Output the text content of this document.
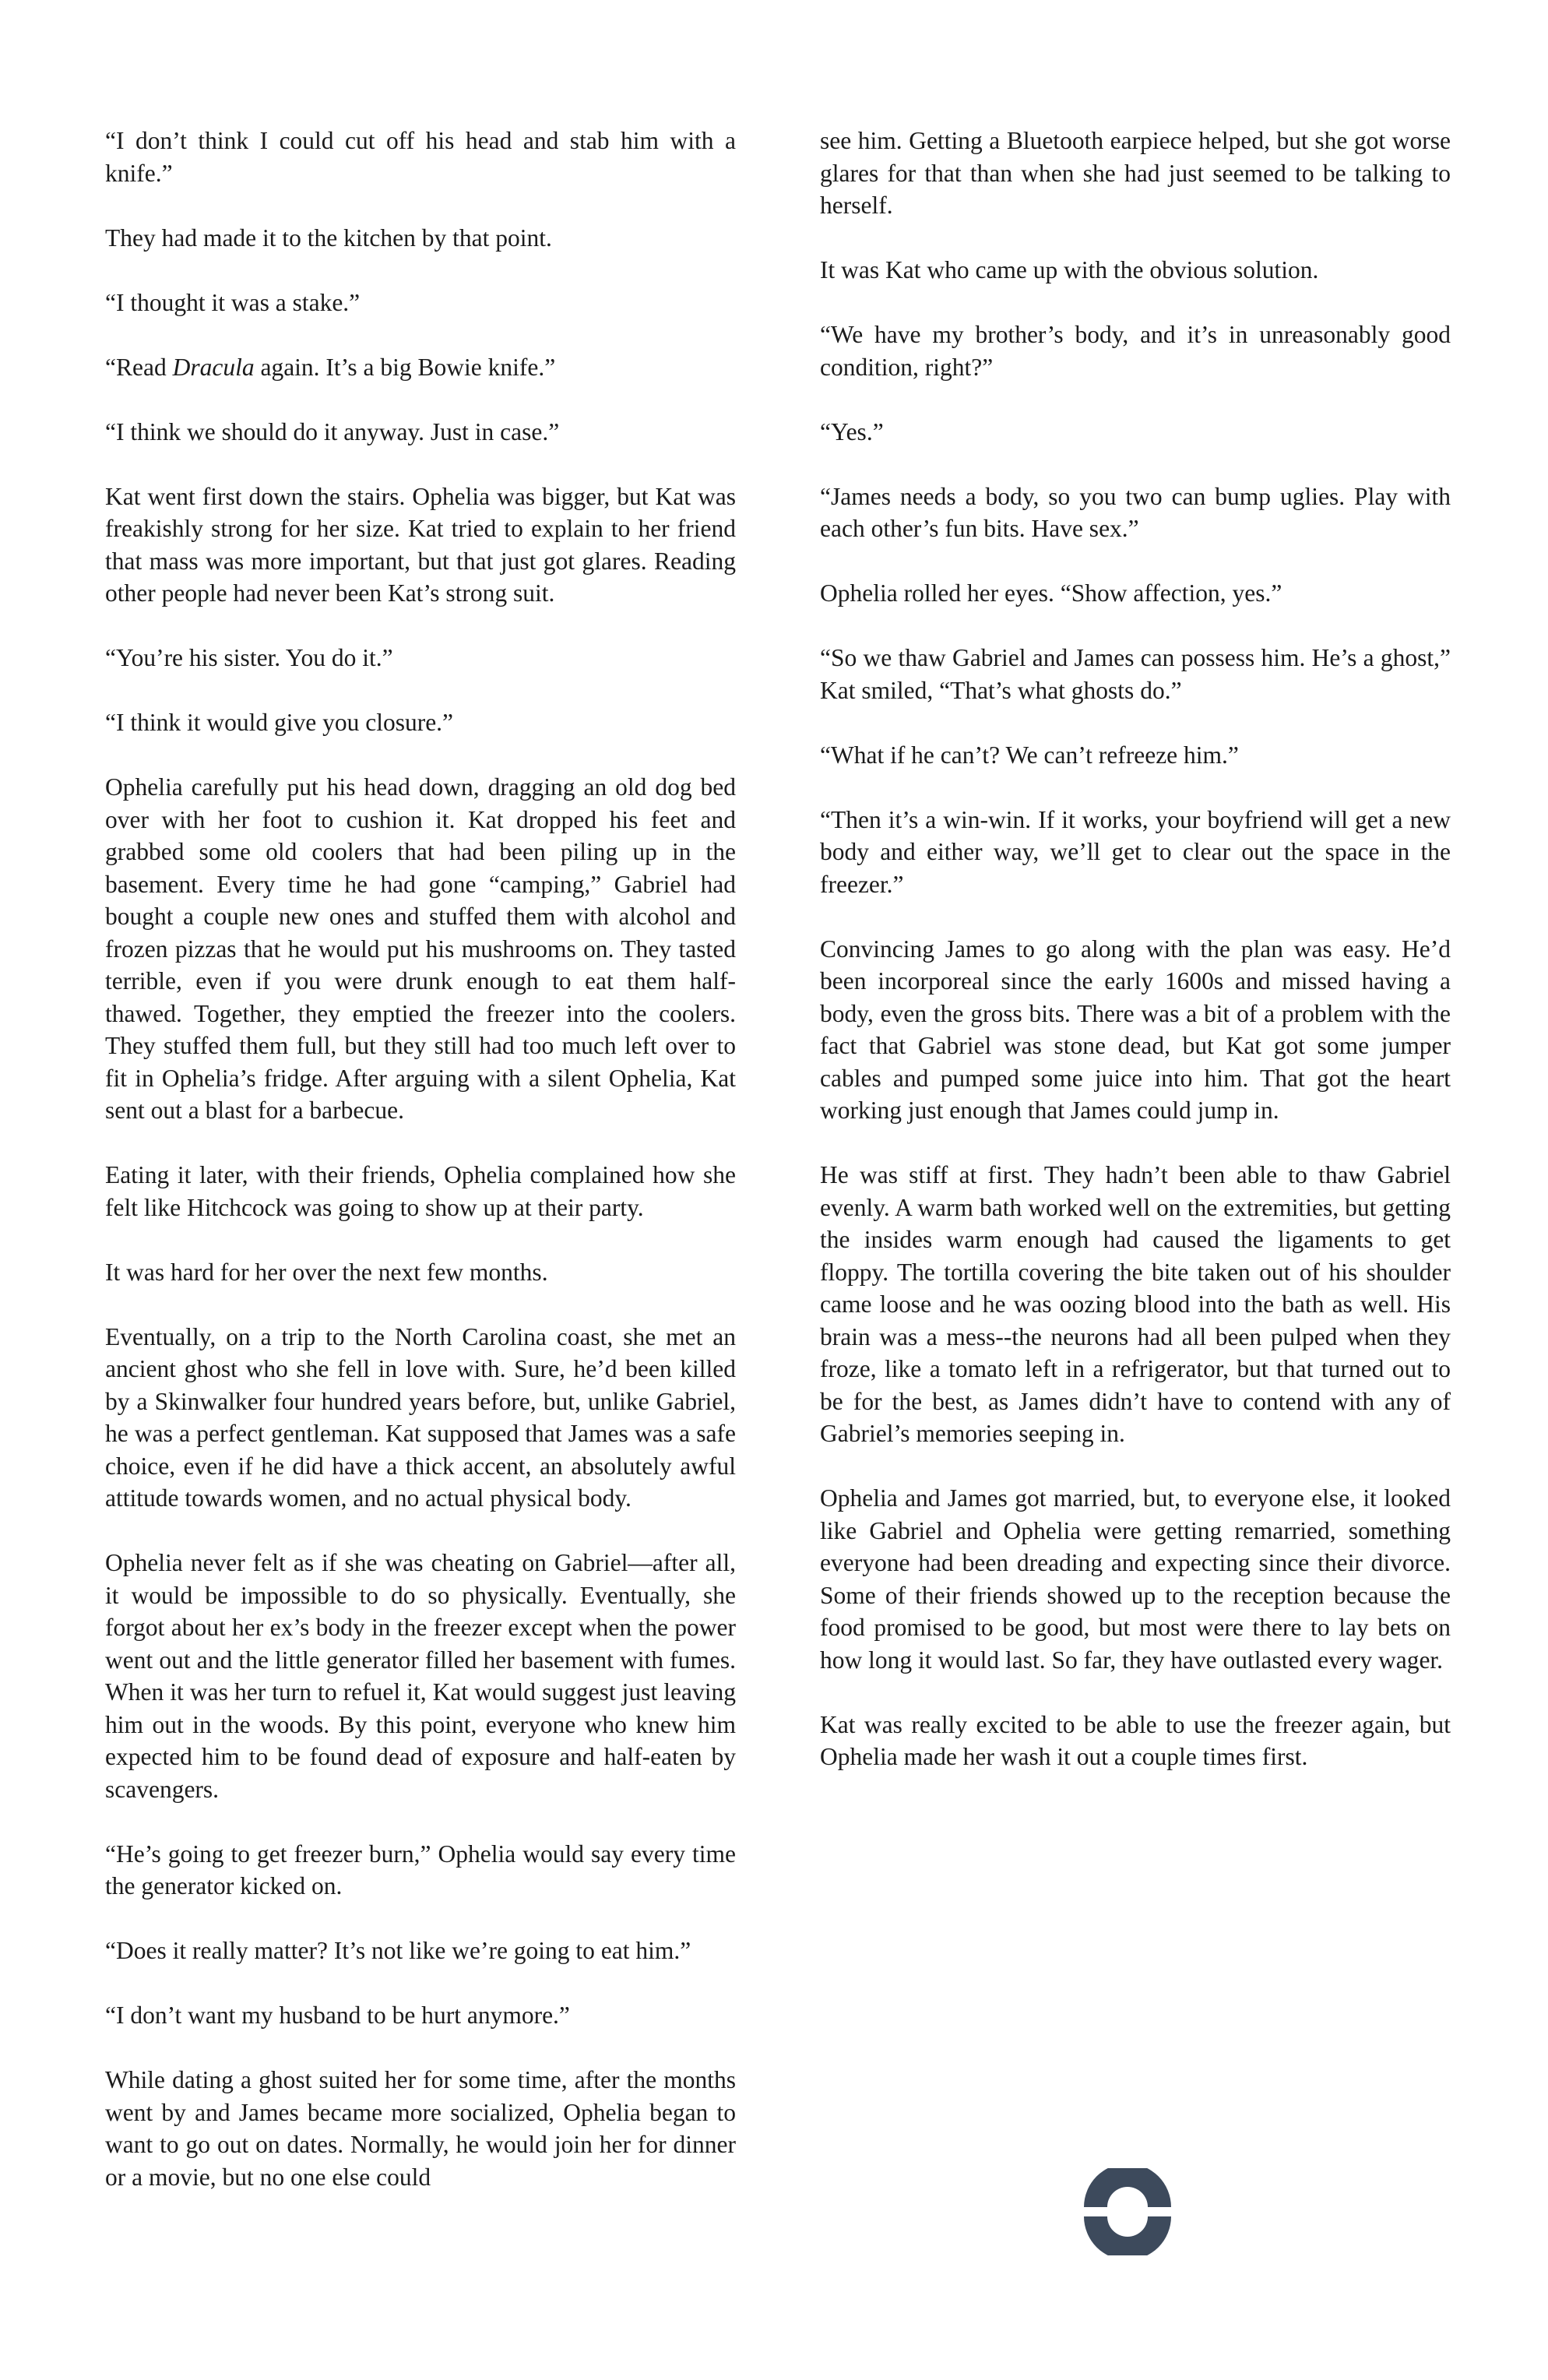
“I don’t think I could cut off his head and stab him with a knife.”

They had made it to the kitchen by that point.

“I thought it was a stake.”

“Read Dracula again. It’s a big Bowie knife.”

“I think we should do it anyway. Just in case.”

Kat went first down the stairs. Ophelia was bigger, but Kat was freakishly strong for her size. Kat tried to explain to her friend that mass was more important, but that just got glares. Reading other people had never been Kat’s strong suit.

“You’re his sister. You do it.”

“I think it would give you closure.”

Ophelia carefully put his head down, dragging an old dog bed over with her foot to cushion it. Kat dropped his feet and grabbed some old coolers that had been piling up in the basement. Every time he had gone “camping,” Gabriel had bought a couple new ones and stuffed them with alcohol and frozen pizzas that he would put his mushrooms on. They tasted terrible, even if you were drunk enough to eat them half-thawed. Together, they emptied the freezer into the coolers. They stuffed them full, but they still had too much left over to fit in Ophelia’s fridge. After arguing with a silent Ophelia, Kat sent out a blast for a barbecue.

Eating it later, with their friends, Ophelia complained how she felt like Hitchcock was going to show up at their party.

It was hard for her over the next few months.

Eventually, on a trip to the North Carolina coast, she met an ancient ghost who she fell in love with. Sure, he’d been killed by a Skinwalker four hundred years before, but, unlike Gabriel, he was a perfect gentleman. Kat supposed that James was a safe choice, even if he did have a thick accent, an absolutely awful attitude towards women, and no actual physical body.

Ophelia never felt as if she was cheating on Gabriel—after all, it would be impossible to do so physically. Eventually, she forgot about her ex’s body in the freezer except when the power went out and the little generator filled her basement with fumes. When it was her turn to refuel it, Kat would suggest just leaving him out in the woods. By this point, everyone who knew him expected him to be found dead of exposure and half-eaten by scavengers.

“He’s going to get freezer burn,” Ophelia would say every time the generator kicked on.

“Does it really matter? It’s not like we’re going to eat him.”

“I don’t want my husband to be hurt anymore.”

While dating a ghost suited her for some time, after the months went by and James became more socialized, Ophelia began to want to go out on dates. Normally, he would join her for dinner or a movie, but no one else could

see him. Getting a Bluetooth earpiece helped, but she got worse glares for that than when she had just seemed to be talking to herself.

It was Kat who came up with the obvious solution.

“We have my brother’s body, and it’s in unreasonably good condition, right?”

“Yes.”

“James needs a body, so you two can bump uglies. Play with each other’s fun bits. Have sex.”

Ophelia rolled her eyes. “Show affection, yes.”

“So we thaw Gabriel and James can possess him. He’s a ghost,” Kat smiled, “That’s what ghosts do.”

“What if he can’t? We can’t refreeze him.”

“Then it’s a win-win. If it works, your boyfriend will get a new body and either way, we’ll get to clear out the space in the freezer.”

Convincing James to go along with the plan was easy. He’d been incorporeal since the early 1600s and missed having a body, even the gross bits. There was a bit of a problem with the fact that Gabriel was stone dead, but Kat got some jumper cables and pumped some juice into him. That got the heart working just enough that James could jump in.

He was stiff at first. They hadn’t been able to thaw Gabriel evenly. A warm bath worked well on the extremities, but getting the insides warm enough had caused the ligaments to get floppy. The tortilla covering the bite taken out of his shoulder came loose and he was oozing blood into the bath as well. His brain was a mess--the neurons had all been pulped when they froze, like a tomato left in a refrigerator, but that turned out to be for the best, as James didn’t have to contend with any of Gabriel’s memories seeping in.

Ophelia and James got married, but, to everyone else, it looked like Gabriel and Ophelia were getting remarried, something everyone had been dreading and expecting since their divorce. Some of their friends showed up to the reception because the food promised to be good, but most were there to lay bets on how long it would last. So far, they have outlasted every wager.

Kat was really excited to be able to use the freezer again, but Ophelia made her wash it out a couple times first.
